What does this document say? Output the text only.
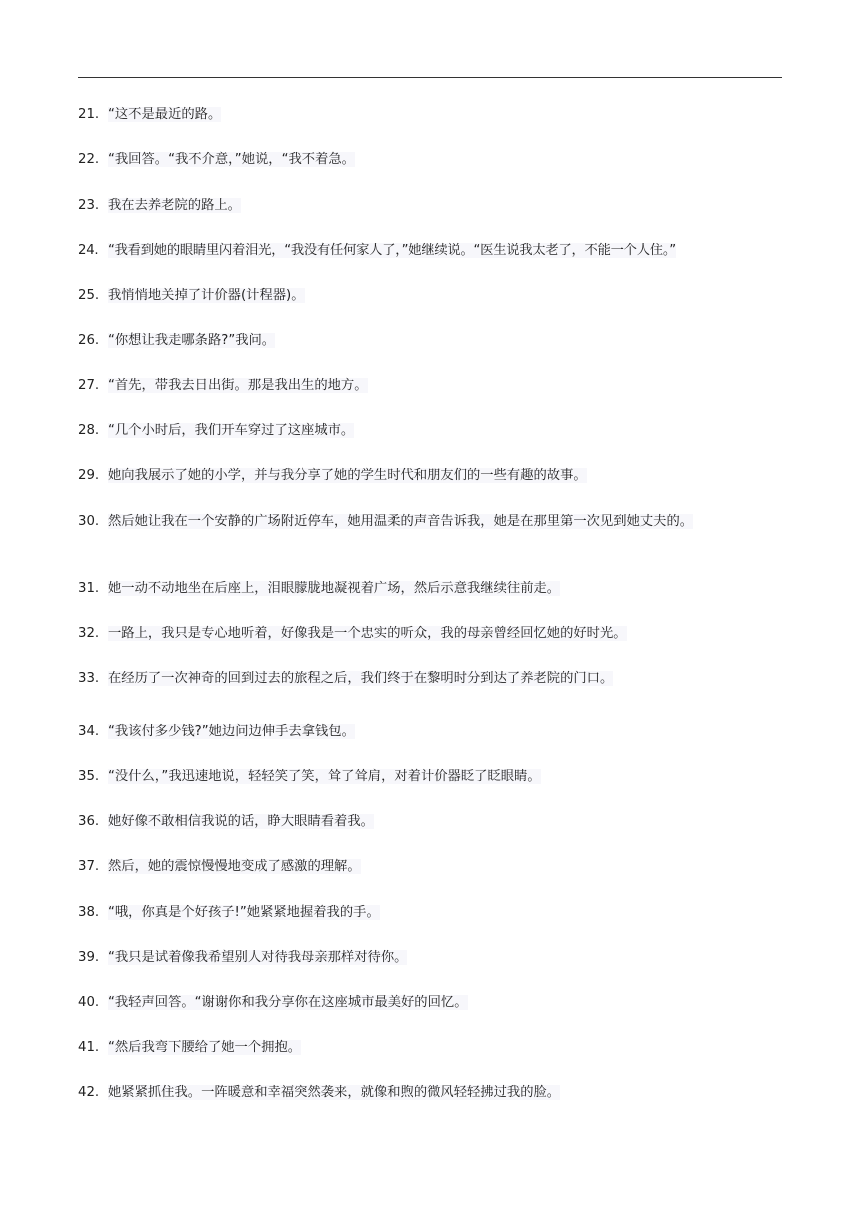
21. “这不是最近的路。
22. “我回答。“我不介意，”她说，“我不着急。
23. 我在去养老院的路上。
24. “我看到她的眼睛里闪着泪光，“我没有任何家人了，”她继续说。“医生说我太老了，不能一个人住。”
25. 我悄悄地关掉了计价器(计程器)。
26. “你想让我走哪条路?”我问。
27. “首先，带我去日出街。那是我出生的地方。
28. “几个小时后，我们开车穿过了这座城市。
29. 她向我展示了她的小学，并与我分享了她的学生时代和朋友们的一些有趣的故事。
30. 然后她让我在一个安静的广场附近停车，她用温柔的声音告诉我，她是在那里第一次见到她丈夫的。
31. 她一动不动地坐在后座上，泪眼朦胧地凝视着广场，然后示意我继续往前走。
32. 一路上，我只是专心地听着，好像我是一个忠实的听众，我的母亲曾经回忆她的好时光。
33. 在经历了一次神奇的回到过去的旅程之后，我们终于在黎明时分到达了养老院的门口。
34. “我该付多少钱?”她边问边伸手去拿钱包。
35. “没什么，”我迅速地说，轻轻笑了笑，耸了耸肩，对着计价器眨了眨眼睛。
36. 她好像不敢相信我说的话，睁大眼睛看着我。
37. 然后，她的震惊慢慢地变成了感激的理解。
38. “哦，你真是个好孩子!”她紧紧地握着我的手。
39. “我只是试着像我希望别人对待我母亲那样对待你。
40. “我轻声回答。“谢谢你和我分享你在这座城市最美好的回忆。
41. “然后我弯下腰给了她一个拥抱。
42. 她紧紧抓住我。一阵暖意和幸福突然袭来，就像和煦的微风轻轻拂过我的脸。
